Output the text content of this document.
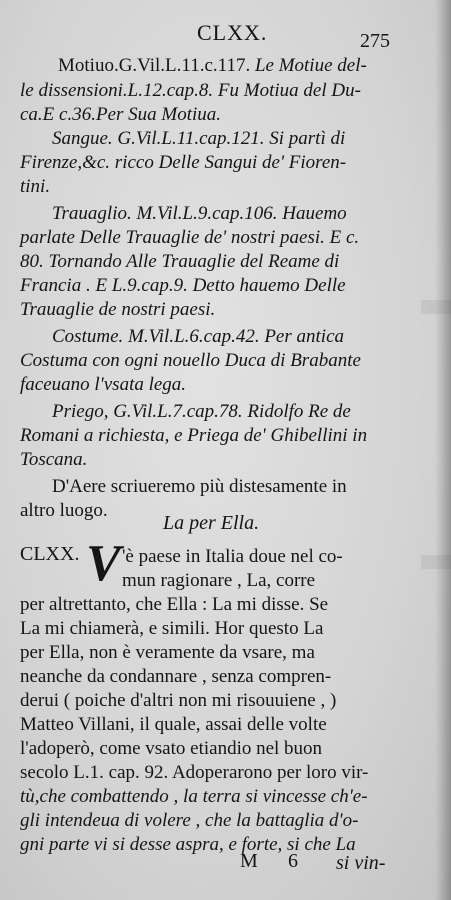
CLXX.	275
Motiuo.G.Vil.L.11.c.117. Le Motiue del-
le dissensioni.L.12.cap.8. Fu Motiua del Du-
ca.E c.36.Per Sua Motiua.
Sangue. G.Vil.L.11.cap.121. Si partì di
Firenze,&c. ricco Delle Sangui de' Fioren-
tini.
Trauaglio. M.Vil.L.9.cap.106. Hauemo
parlate Delle Trauaglie de' nostri paesi. E c.
80. Tornando Alle Trauaglie del Reame di
Francia . E L.9.cap.9. Detto hauemo Delle
Trauaglie de nostri paesi.
Costume. M.Vil.L.6.cap.42. Per antica
Costuma con ogni nouello Duca di Brabante
faceuano l'vsata lega.
Priego, G.Vil.L.7.cap.78. Ridolfo Re de
Romani a richiesta, e Priega de' Ghibellini in
Toscana.
D'Aere scriueremo più distesamente in
altro luogo.
La per Ella.
CLXX. V 'è paese in Italia doue nel co-
mun ragionare , La, corre
per altrettanto, che Ella : La mi disse. Se
La mi chiamerà, e simili. Hor questo La
per Ella, non è veramente da vsare, ma
neanche da condannare , senza compren-
derui ( poiche d'altri non mi risouuiene , )
Matteo Villani, il quale, assai delle volte
l'adoperò, come vsato etiandio nel buon
secolo L.1. cap. 92. Adoperarono per loro vir-
tù,che combattendo , la terra si vincesse ch'e-
gli intendeua di volere , che la battaglia d'o-
gni parte vi si desse aspra, e forte, si che La
M 6 si vin-
